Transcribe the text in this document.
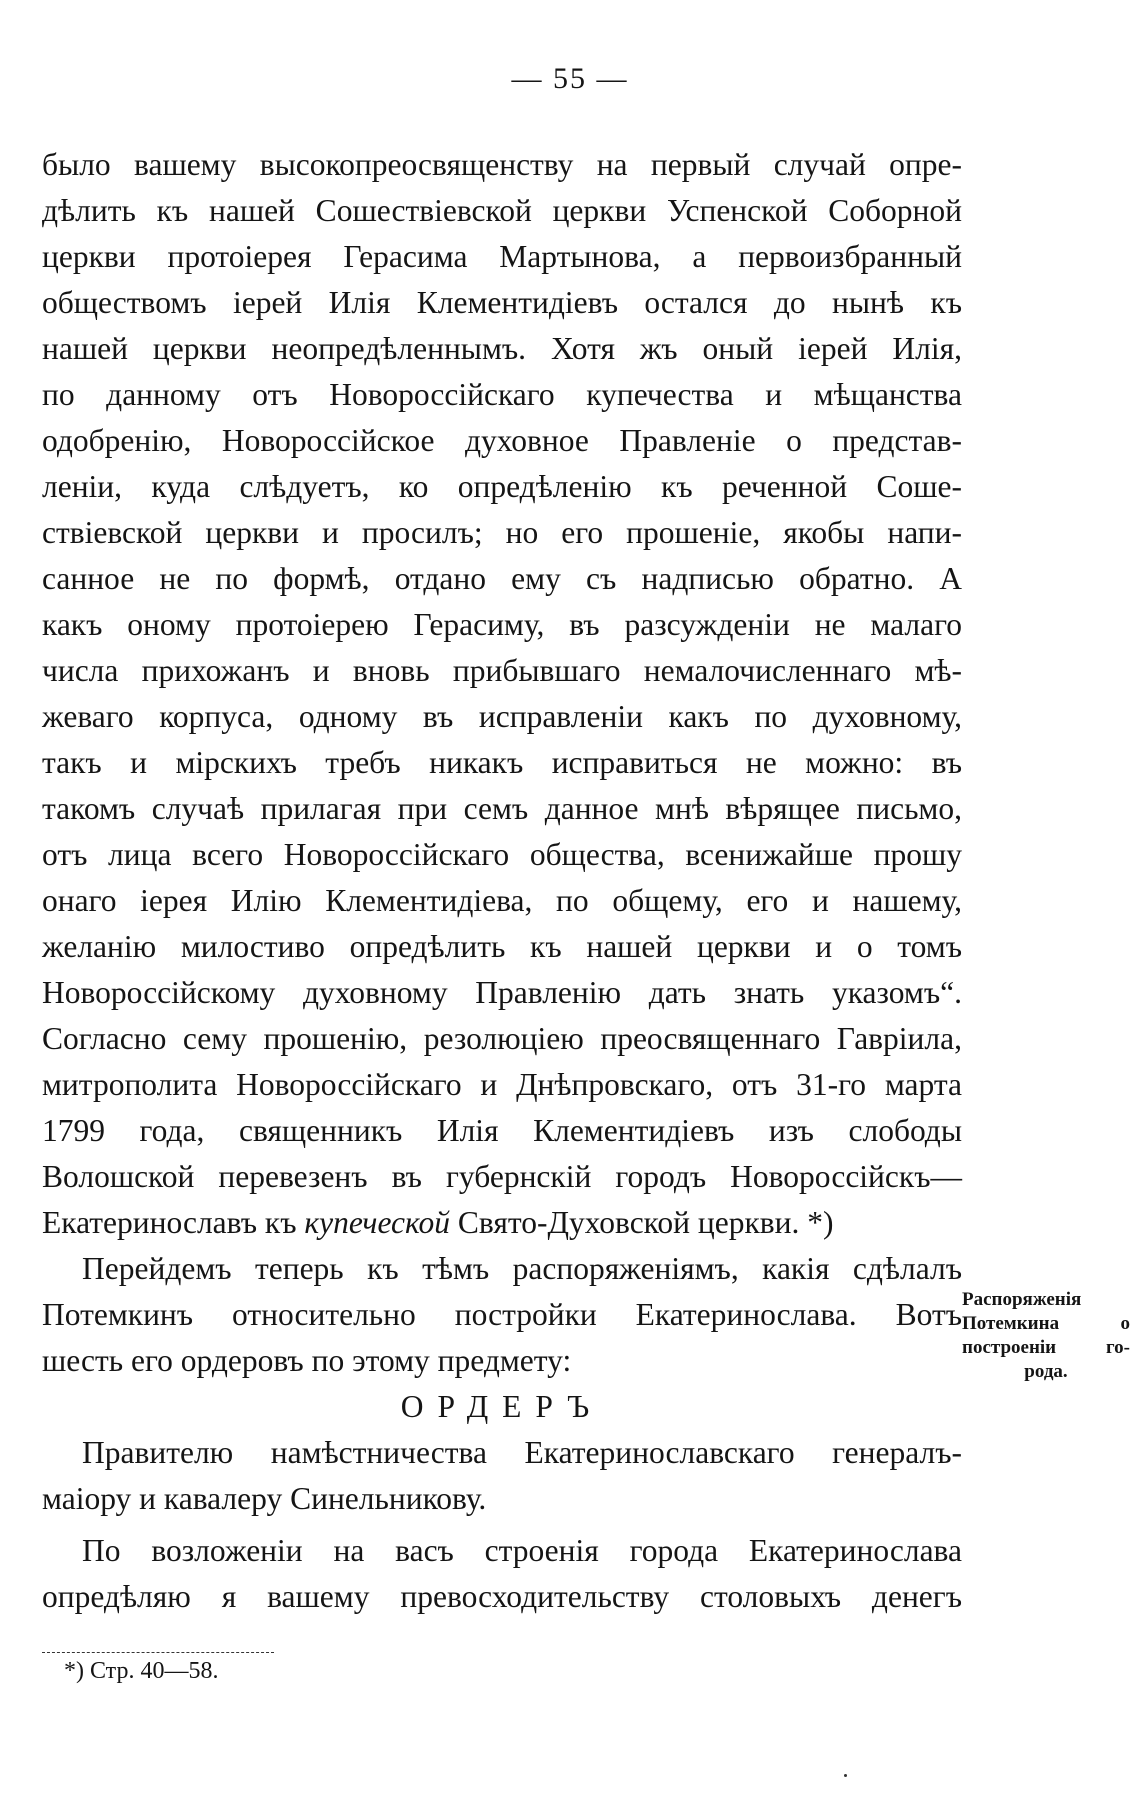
— 55 —
было вашему высокопреосвященству на первый случай опре-
дѣлить къ нашей Сошествіевской церкви Успенской Соборной
церкви протоіерея Герасима Мартынова, а первоизбранный
обществомъ іерей Илія Клементидіевъ остался до нынѣ къ
нашей церкви неопредѣленнымъ. Хотя жъ оный іерей Илія,
по данному отъ Новороссійскаго купечества и мѣщанства
одобренію, Новороссійское духовное Правленіе о представ-
леніи, куда слѣдуетъ, ко опредѣленію къ реченной Соше-
ствіевской церкви и просилъ; но его прошеніе, якобы напи-
санное не по формѣ, отдано ему съ надписью обратно. А
какъ оному протоіерею Герасиму, въ разсужденіи не малаго
числа прихожанъ и вновь прибывшаго немалочисленнаго мѣ-
жеваго корпуса, одному въ исправленіи какъ по духовному,
такъ и мірскихъ требъ никакъ исправиться не можно: въ
такомъ случаѣ прилагая при семъ данное мнѣ вѣрящее письмо,
отъ лица всего Новороссійскаго общества, всенижайше прошу
онаго іерея Илію Клементидіева, по общему, его и нашему,
желанію милостиво опредѣлить къ нашей церкви и о томъ
Новороссійскому духовному Правленію дать знать указомъ“.
Согласно сему прошенію, резолюціею преосвященнаго Гавріила,
митрополита Новороссійскаго и Днѣпровскаго, отъ 31-го марта
1799 года, священникъ Илія Клементидіевъ изъ слободы
Волошской перевезенъ въ губернскій городъ Новороссійскъ—
Екатеринославъ къ купеческой Свято-Духовской церкви. *)
Перейдемъ теперь къ тѣмъ распоряженіямъ, какія сдѣлалъ
Потемкинъ относительно постройки Екатеринослава. Вотъ
шесть его ордеровъ по этому предмету:
ОРДЕРЪ
Правителю намѣстничества Екатеринославскаго генералъ-
маіору и кавалеру Синельникову.
По возложеніи на васъ строенія города Екатеринослава
опредѣляю я вашему превосходительству столовыхъ денегъ
Распоряженія
Потемкина о
построеніи го-
рода.
*) Стр. 40—58.
